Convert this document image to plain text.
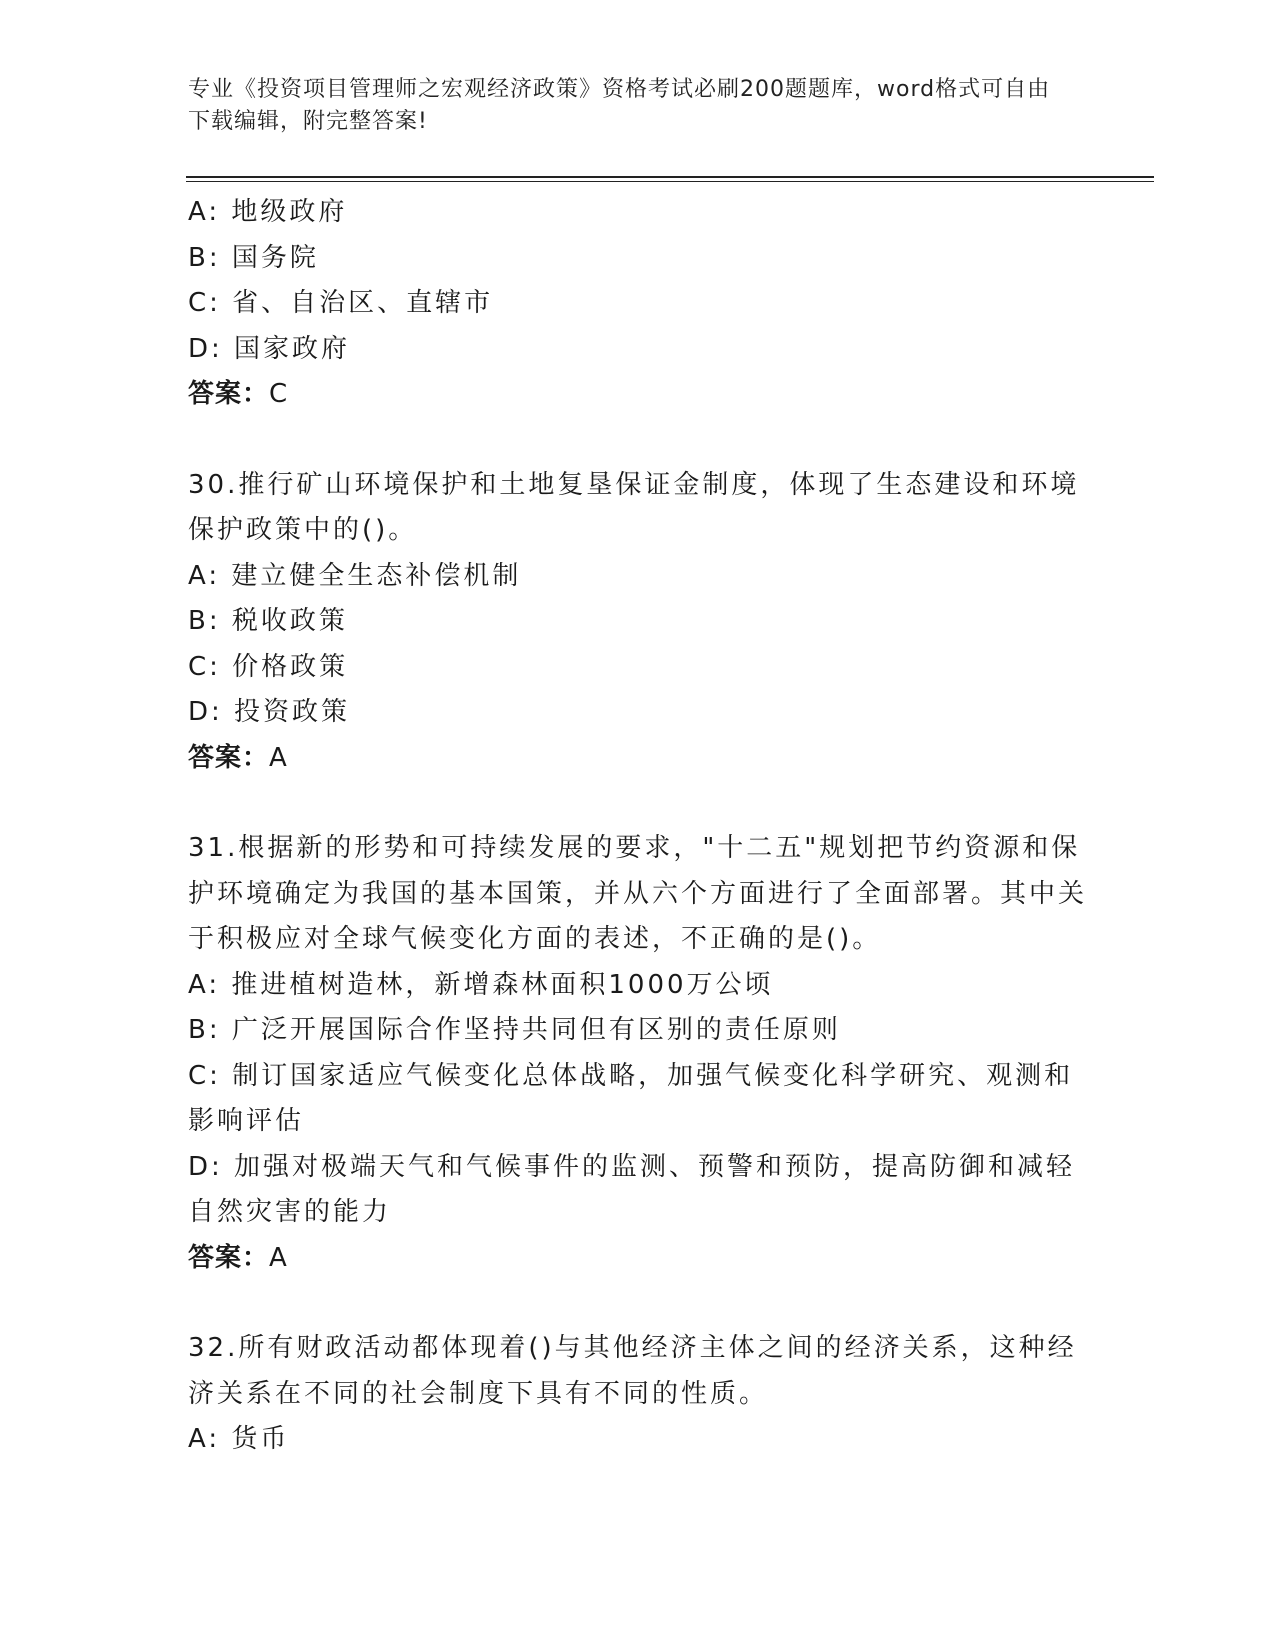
专业《投资项目管理师之宏观经济政策》资格考试必刷200题题库，word格式可自由下载编辑，附完整答案!
A: 地级政府
B: 国务院
C: 省、自治区、直辖市
D: 国家政府
答案：C
30.推行矿山环境保护和土地复垦保证金制度，体现了生态建设和环境保护政策中的()。
A: 建立健全生态补偿机制
B: 税收政策
C: 价格政策
D: 投资政策
答案：A
31.根据新的形势和可持续发展的要求，"十二五"规划把节约资源和保护环境确定为我国的基本国策，并从六个方面进行了全面部署。其中关于积极应对全球气候变化方面的表述，不正确的是()。
A: 推进植树造林，新增森林面积1000万公顷
B: 广泛开展国际合作坚持共同但有区别的责任原则
C: 制订国家适应气候变化总体战略，加强气候变化科学研究、观测和影响评估
D: 加强对极端天气和气候事件的监测、预警和预防，提高防御和减轻自然灾害的能力
答案：A
32.所有财政活动都体现着()与其他经济主体之间的经济关系，这种经济关系在不同的社会制度下具有不同的性质。
A: 货币
